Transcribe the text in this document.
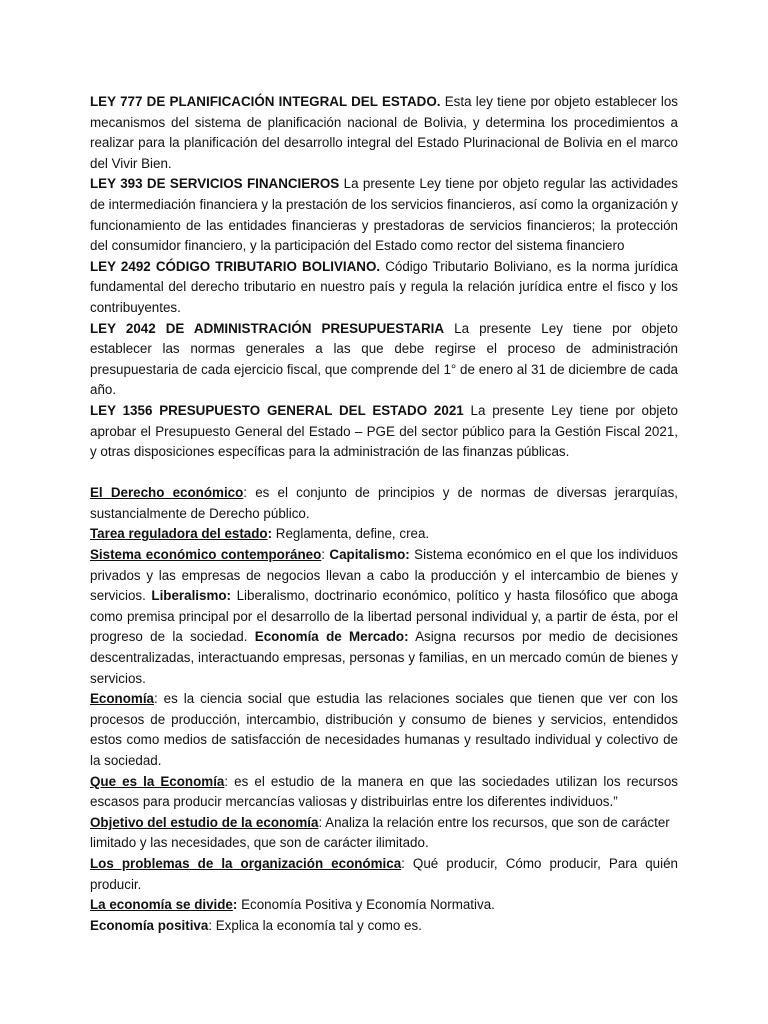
LEY 777 DE PLANIFICACIÓN INTEGRAL DEL ESTADO. Esta ley tiene por objeto establecer los mecanismos del sistema de planificación nacional de Bolivia, y determina los procedimientos a realizar para la planificación del desarrollo integral del Estado Plurinacional de Bolivia en el marco del Vivir Bien.

LEY 393 DE SERVICIOS FINANCIEROS La presente Ley tiene por objeto regular las actividades de intermediación financiera y la prestación de los servicios financieros, así como la organización y funcionamiento de las entidades financieras y prestadoras de servicios financieros; la protección del consumidor financiero, y la participación del Estado como rector del sistema financiero

LEY 2492 CÓDIGO TRIBUTARIO BOLIVIANO. Código Tributario Boliviano, es la norma jurídica fundamental del derecho tributario en nuestro país y regula la relación jurídica entre el fisco y los contribuyentes.

LEY 2042 DE ADMINISTRACIÓN PRESUPUESTARIA La presente Ley tiene por objeto establecer las normas generales a las que debe regirse el proceso de administración presupuestaria de cada ejercicio fiscal, que comprende del 1° de enero al 31 de diciembre de cada año.

LEY 1356 PRESUPUESTO GENERAL DEL ESTADO 2021 La presente Ley tiene por objeto aprobar el Presupuesto General del Estado – PGE del sector público para la Gestión Fiscal 2021, y otras disposiciones específicas para la administración de las finanzas públicas.

El Derecho económico: es el conjunto de principios y de normas de diversas jerarquías, sustancialmente de Derecho público.

Tarea reguladora del estado: Reglamenta, define, crea.

Sistema económico contemporáneo: Capitalismo: Sistema económico en el que los individuos privados y las empresas de negocios llevan a cabo la producción y el intercambio de bienes y servicios. Liberalismo: Liberalismo, doctrinario económico, político y hasta filosófico que aboga como premisa principal por el desarrollo de la libertad personal individual y, a partir de ésta, por el progreso de la sociedad. Economía de Mercado: Asigna recursos por medio de decisiones descentralizadas, interactuando empresas, personas y familias, en un mercado común de bienes y servicios.

Economía: es la ciencia social que estudia las relaciones sociales que tienen que ver con los procesos de producción, intercambio, distribución y consumo de bienes y servicios, entendidos estos como medios de satisfacción de necesidades humanas y resultado individual y colectivo de la sociedad.

Que es la Economía: es el estudio de la manera en que las sociedades utilizan los recursos escasos para producir mercancías valiosas y distribuirlas entre los diferentes individuos.”

Objetivo del estudio de la economía: Analiza la relación entre los recursos, que son de carácter limitado y las necesidades, que son de carácter ilimitado.

Los problemas de la organización económica: Qué producir, Cómo producir, Para quién producir.

La economía se divide: Economía Positiva y Economía Normativa.

Economía positiva: Explica la economía tal y como es.
